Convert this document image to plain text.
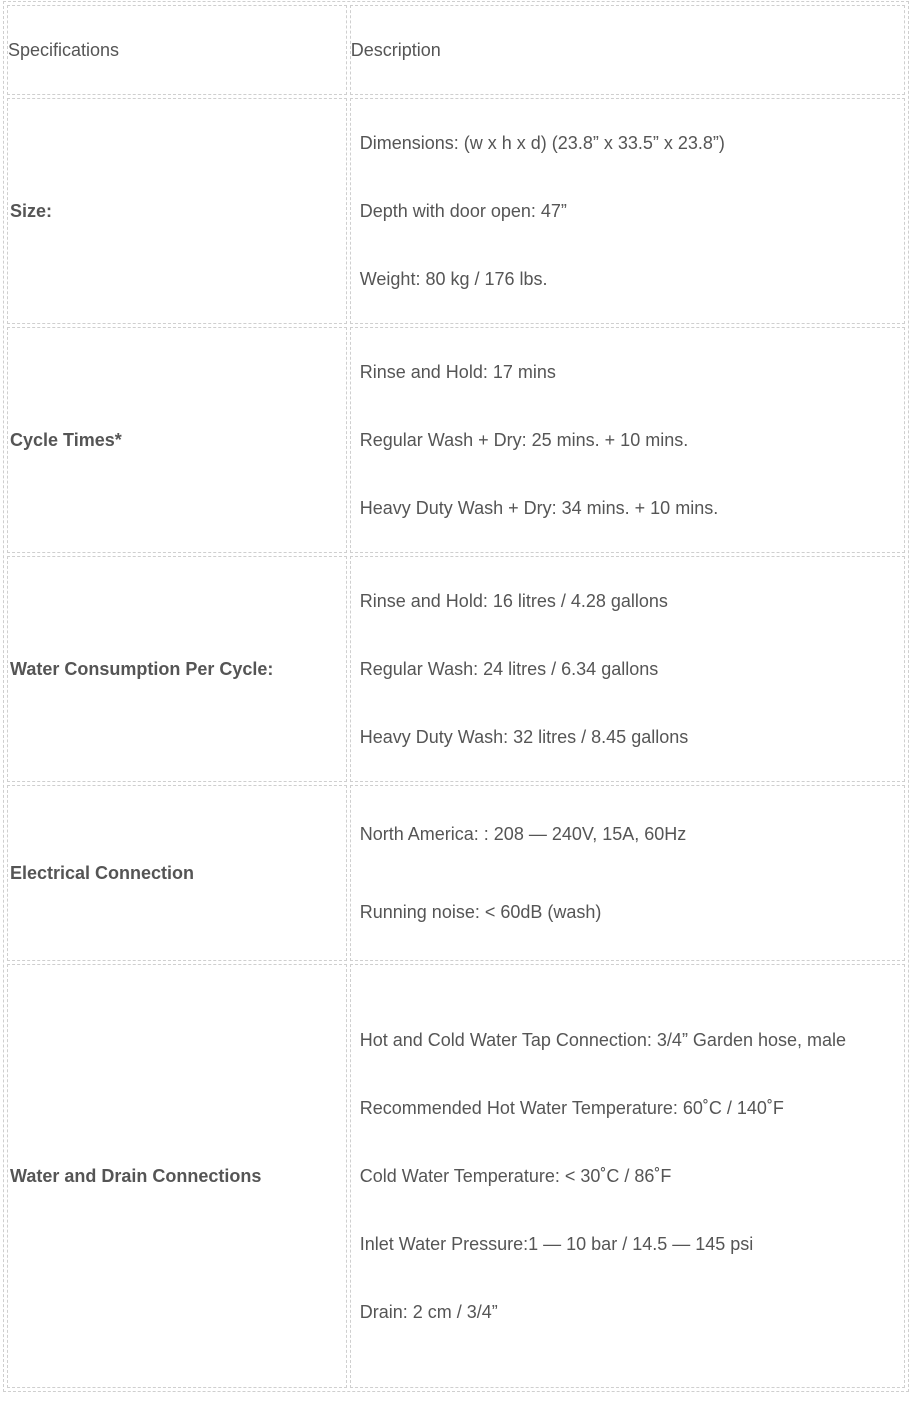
Specifications	Description
Size:	Dimensions: (w x h x d) (23.8” x 33.5” x 23.8”)

Depth with door open: 47”

Weight: 80 kg / 176 lbs.

Cycle Times*	Rinse and Hold: 17 mins

Regular Wash + Dry: 25 mins. + 10 mins.

Heavy Duty Wash + Dry: 34 mins. + 10 mins.

Water Consumption Per Cycle:	Rinse and Hold: 16 litres / 4.28 gallons

Regular Wash: 24 litres / 6.34 gallons

Heavy Duty Wash: 32 litres / 8.45 gallons

Electrical Connection	North America: : 208 — 240V, 15A, 60Hz

Running noise: < 60dB (wash)

Water and Drain Connections	Hot and Cold Water Tap Connection: 3/4” Garden hose, male

Recommended Hot Water Temperature: 60˚C / 140˚F

Cold Water Temperature: < 30˚C / 86˚F

Inlet Water Pressure:1 — 10 bar / 14.5 — 145 psi

Drain: 2 cm / 3/4”
